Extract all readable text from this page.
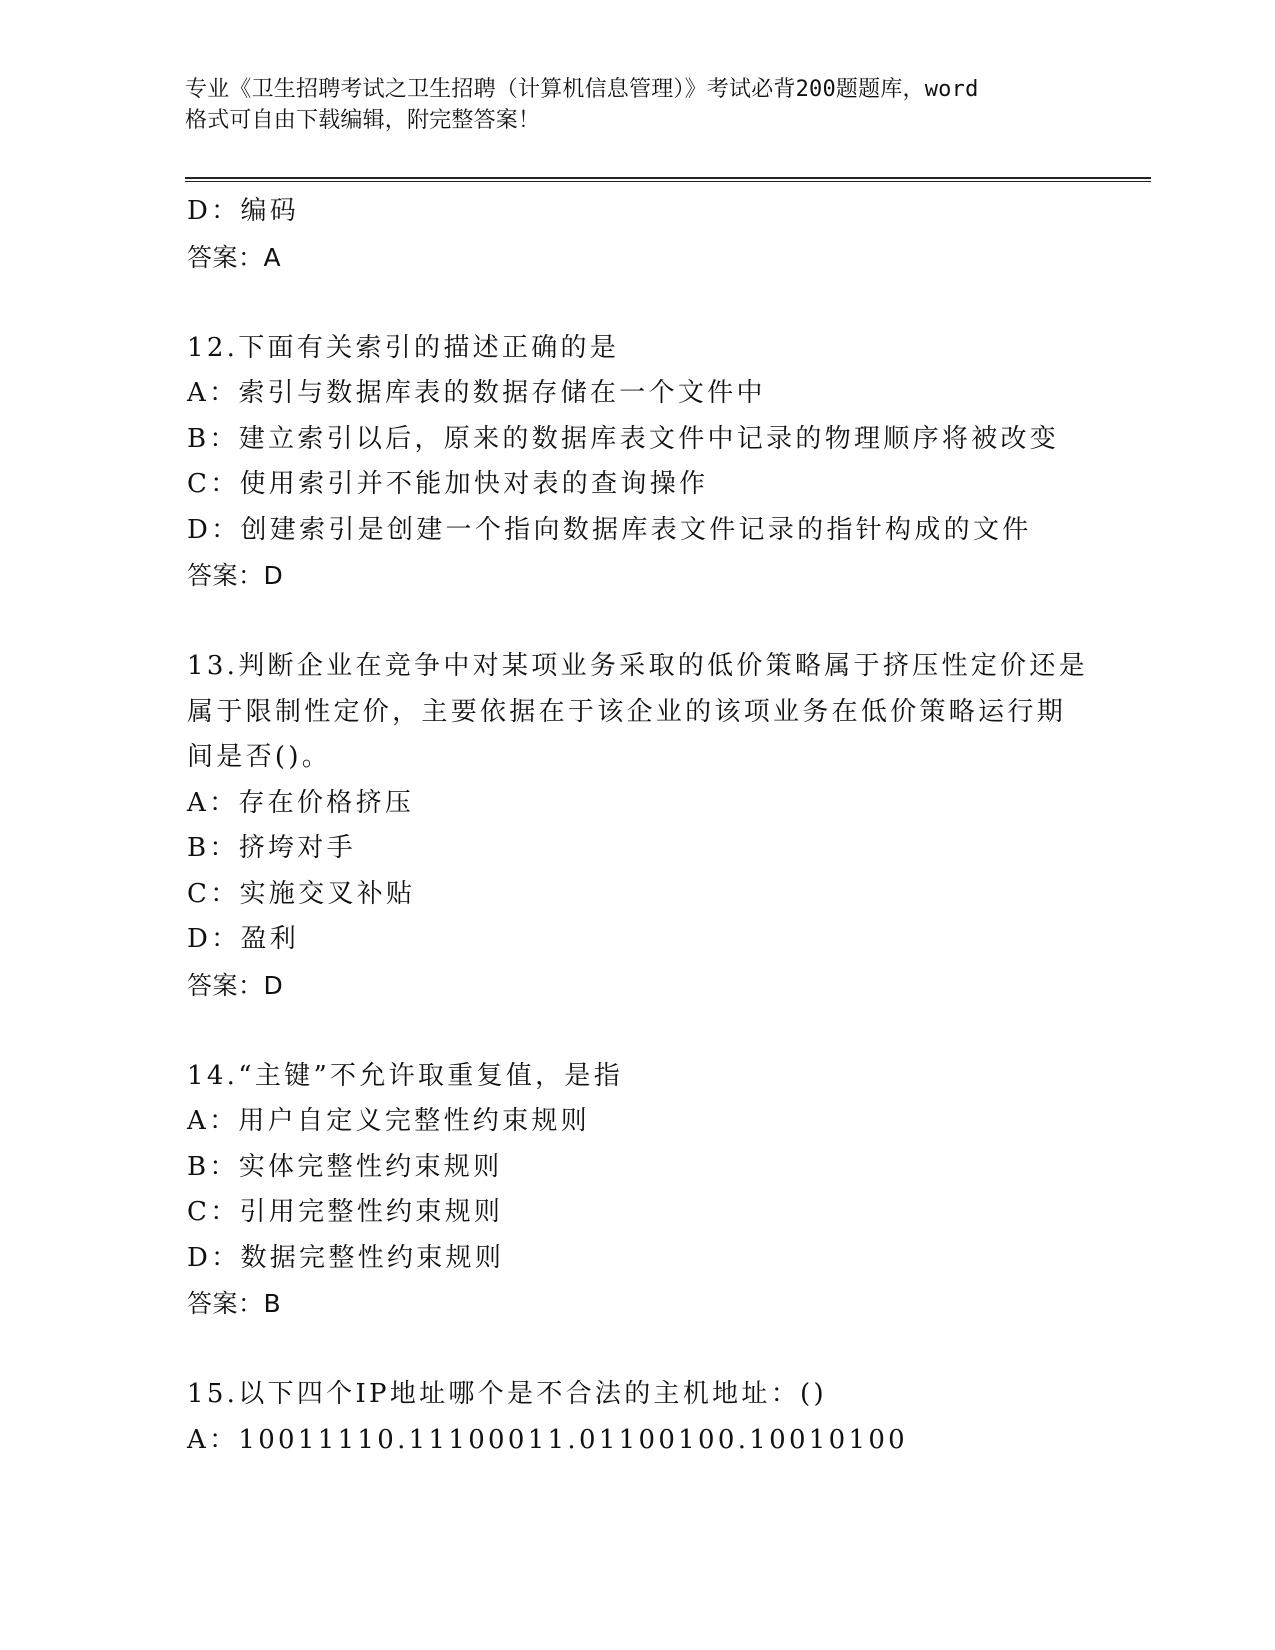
专业《卫生招聘考试之卫生招聘（计算机信息管理）》考试必背200题题库，word
格式可自由下载编辑，附完整答案！
D：编码
答案：A
12.下面有关索引的描述正确的是
A：索引与数据库表的数据存储在一个文件中
B：建立索引以后，原来的数据库表文件中记录的物理顺序将被改变
C：使用索引并不能加快对表的查询操作
D：创建索引是创建一个指向数据库表文件记录的指针构成的文件
答案：D
13.判断企业在竞争中对某项业务采取的低价策略属于挤压性定价还是
属于限制性定价，主要依据在于该企业的该项业务在低价策略运行期
间是否()。
A：存在价格挤压
B：挤垮对手
C：实施交叉补贴
D：盈利
答案：D
14.“主键”不允许取重复值，是指
A：用户自定义完整性约束规则
B：实体完整性约束规则
C：引用完整性约束规则
D：数据完整性约束规则
答案：B
15.以下四个IP地址哪个是不合法的主机地址：()
A：10011110.11100011.01100100.10010100
